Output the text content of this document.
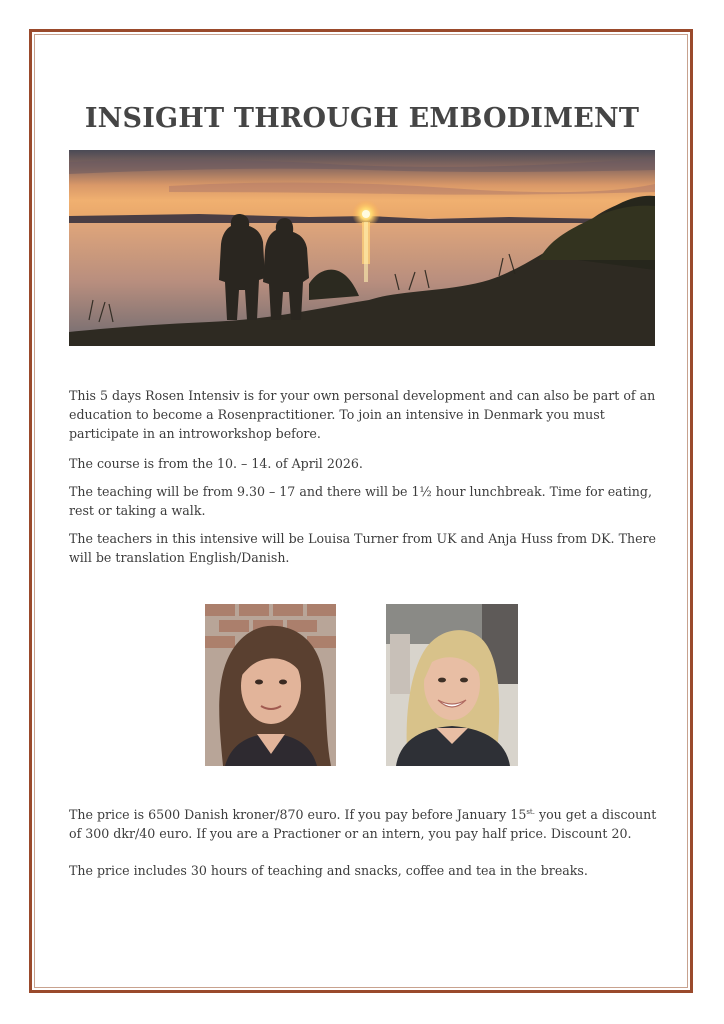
INSIGHT THROUGH EMBODIMENT

This 5 days Rosen Intensiv is for your own personal development and can also be part of an education to become a Rosenpractitioner. To join an intensive in Denmark you must participate in an introworkshop before.

The course is from the 10. – 14. of April 2026.

The teaching will be from 9.30 – 17 and there will be 1½ hour lunchbreak. Time for eating, rest or taking a walk.

The teachers in this intensive will be Louisa Turner from UK and Anja Huss from DK. There will be translation English/Danish.

The price is 6500 Danish kroner/870 euro. If you pay before January $15^{st.}$ you get a discount of 300 dkr/40 euro. If you are a Practioner or an intern, you pay half price. Discount 20.

The price includes 30 hours of teaching and snacks, coffee and tea in the breaks.
